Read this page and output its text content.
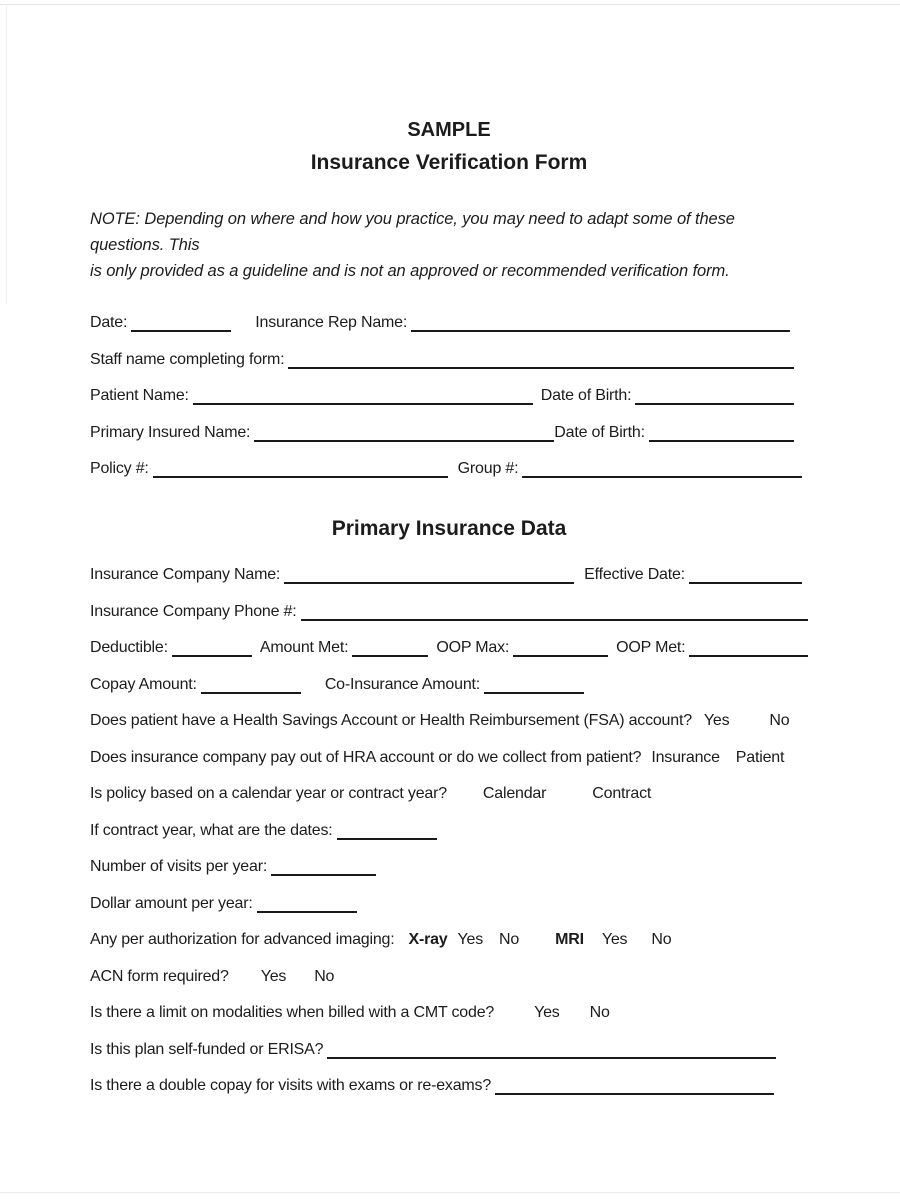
SAMPLE
Insurance Verification Form
NOTE: Depending on where and how you practice, you may need to adapt some of these questions. This
is only provided as a guideline and is not an approved or recommended verification form.
Date:	Insurance Rep Name:
Staff name completing form:
Patient Name:	Date of Birth:
Primary Insured Name:	Date of Birth:
Policy #:	Group #:
Primary Insurance Data
Insurance Company Name:	Effective Date:
Insurance Company Phone #:
Deductible:	Amount Met:	OOP Max:	OOP Met:
Copay Amount:	Co-Insurance Amount:
Does patient have a Health Savings Account or Health Reimbursement (FSA) account? Yes	No
Does insurance company pay out of HRA account or do we collect from patient? Insurance Patient
Is policy based on a calendar year or contract year? Calendar	Contract
If contract year, what are the dates:
Number of visits per year:
Dollar amount per year:
Any per authorization for advanced imaging: X-ray Yes No MRI Yes No
ACN form required? Yes No
Is there a limit on modalities when billed with a CMT code?	Yes No
Is this plan self-funded or ERISA?
Is there a double copay for visits with exams or re-exams?
